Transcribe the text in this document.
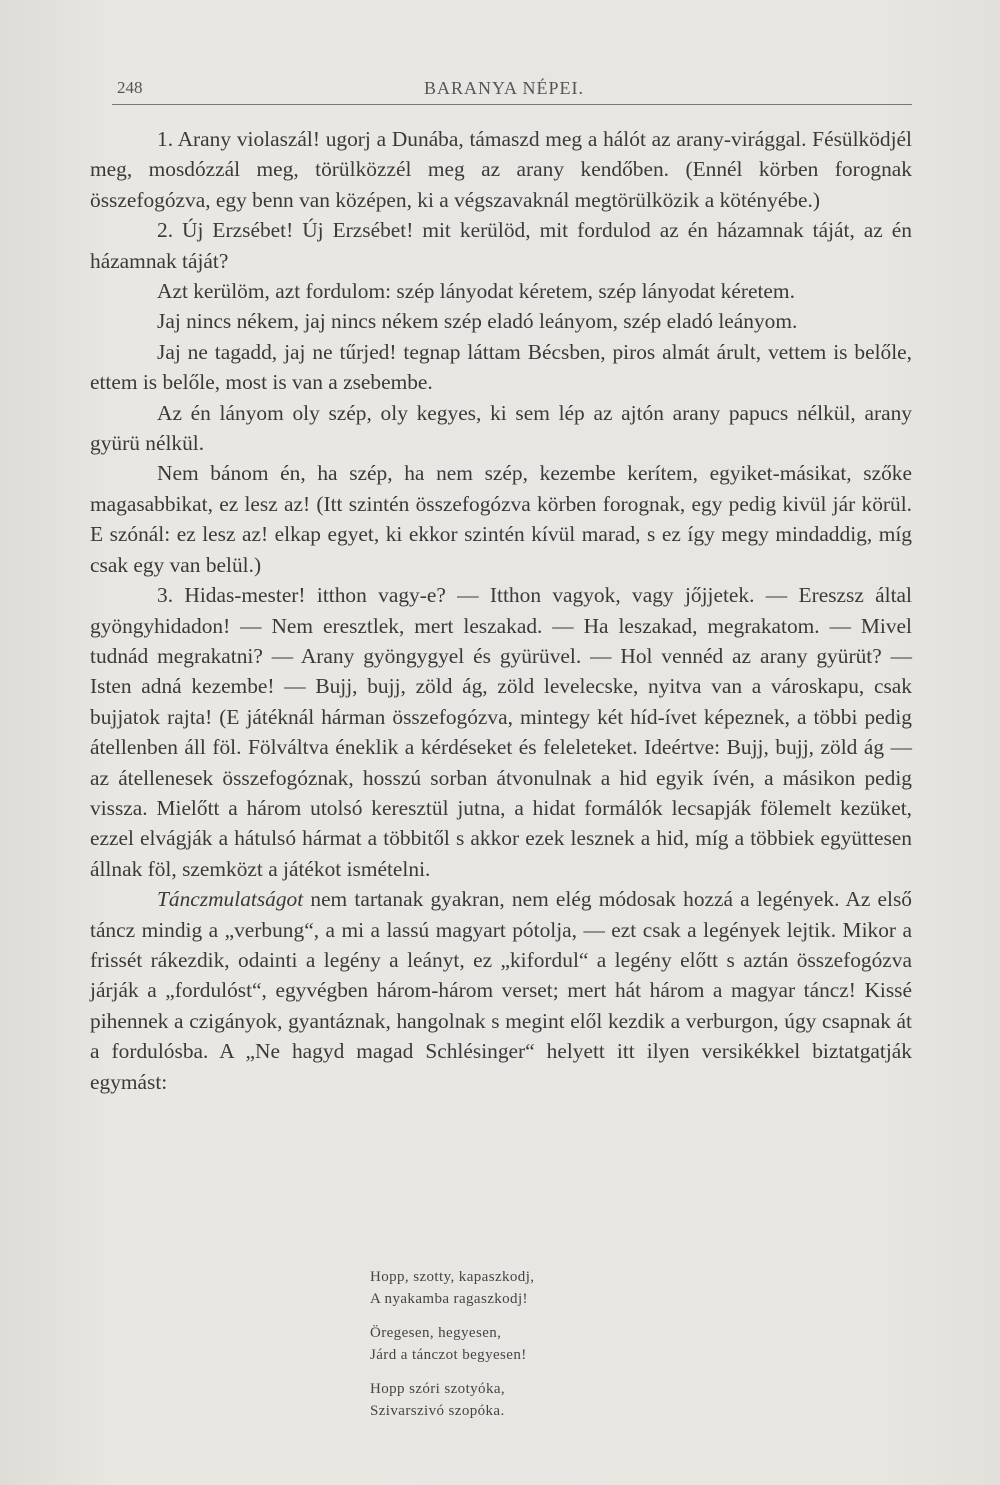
248	BARANYA NÉPEI.

1. Arany violaszál! ugorj a Dunába, támaszd meg a hálót az arany-virággal. Fésülködjél meg, mosdózzál meg, törülközzél meg az arany kendőben. (Ennél körben forognak összefogózva, egy benn van középen, ki a végszavaknál megtörülközik a kötényébe.)

2. Új Erzsébet! Új Erzsébet! mit kerülöd, mit fordulod az én házamnak táját, az én házamnak táját?

Azt kerülöm, azt fordulom: szép lányodat kéretem, szép lányodat kéretem.

Jaj nincs nékem, jaj nincs nékem szép eladó leányom, szép eladó leányom.

Jaj ne tagadd, jaj ne tűrjed! tegnap láttam Bécsben, piros almát árult, vettem is belőle, ettem is belőle, most is van a zsebembe.

Az én lányom oly szép, oly kegyes, ki sem lép az ajtón arany papucs nélkül, arany gyürü nélkül.

Nem bánom én, ha szép, ha nem szép, kezembe kerítem, egyiket-másikat, szőke magasabbikat, ez lesz az! (Itt szintén összefogózva körben forognak, egy pedig kivül jár körül. E szónál: ez lesz az! elkap egyet, ki ekkor szintén kívül marad, s ez így megy mindaddig, míg csak egy van belül.)

3. Hidas-mester! itthon vagy-e? — Itthon vagyok, vagy jőjjetek. — Ereszsz által gyöngyhidadon! — Nem eresztlek, mert leszakad. — Ha leszakad, megrakatom. — Mivel tudnád megrakatni? — Arany gyöngygyel és gyürüvel. — Hol vennéd az arany gyürüt? — Isten adná kezembe! — Bujj, bujj, zöld ág, zöld levelecske, nyitva van a városkapu, csak bujjatok rajta! (E játéknál hárman összefogózva, mintegy két híd-ívet képeznek, a többi pedig átellenben áll föl. Fölváltva éneklik a kérdéseket és feleleteket. Ideértve: Bujj, bujj, zöld ág — az átellenesek összefogóznak, hosszú sorban átvonulnak a hid egyik ívén, a másikon pedig vissza. Mielőtt a három utolsó keresztül jutna, a hidat formálók lecsapják fölemelt kezüket, ezzel elvágják a hátulsó hármat a többitől s akkor ezek lesznek a hid, míg a többiek együttesen állnak föl, szemközt a játékot ismételni.

Tánczmulatságot nem tartanak gyakran, nem elég módosak hozzá a legények. Az első táncz mindig a „verbung“, a mi a lassú magyart pótolja, — ezt csak a legények lejtik. Mikor a frissét rákezdik, odainti a legény a leányt, ez „kifordul“ a legény előtt s aztán összefogózva járják a „fordulóst“, egyvégben három-három verset; mert hát három a magyar táncz! Kissé pihennek a czigányok, gyantáznak, hangolnak s megint elől kezdik a verburgon, úgy csapnak át a fordulósba. A „Ne hagyd magad Schlésinger“ helyett itt ilyen versikékkel biztatgatják egymást:

Hopp, szotty, kapaszkodj,
A nyakamba ragaszkodj!
Öregesen, hegyesen,
Járd a tánczot begyesen!
Hopp szóri szotyóka,
Szivarszivó szopóka.
